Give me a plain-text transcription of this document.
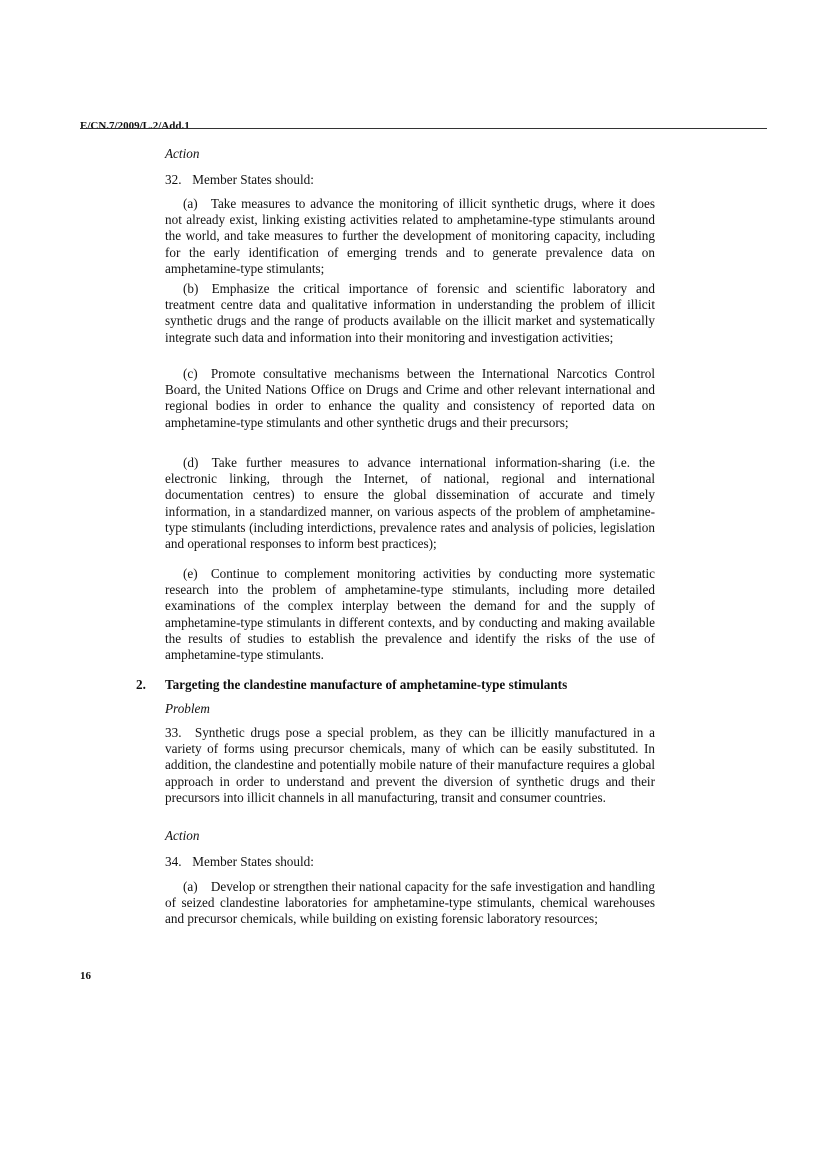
E/CN.7/2009/L.2/Add.1
Action
32. Member States should:
(a) Take measures to advance the monitoring of illicit synthetic drugs, where it does not already exist, linking existing activities related to amphetamine-type stimulants around the world, and take measures to further the development of monitoring capacity, including for the early identification of emerging trends and to generate prevalence data on amphetamine-type stimulants;
(b) Emphasize the critical importance of forensic and scientific laboratory and treatment centre data and qualitative information in understanding the problem of illicit synthetic drugs and the range of products available on the illicit market and systematically integrate such data and information into their monitoring and investigation activities;
(c) Promote consultative mechanisms between the International Narcotics Control Board, the United Nations Office on Drugs and Crime and other relevant international and regional bodies in order to enhance the quality and consistency of reported data on amphetamine-type stimulants and other synthetic drugs and their precursors;
(d) Take further measures to advance international information-sharing (i.e. the electronic linking, through the Internet, of national, regional and international documentation centres) to ensure the global dissemination of accurate and timely information, in a standardized manner, on various aspects of the problem of amphetamine-type stimulants (including interdictions, prevalence rates and analysis of policies, legislation and operational responses to inform best practices);
(e) Continue to complement monitoring activities by conducting more systematic research into the problem of amphetamine-type stimulants, including more detailed examinations of the complex interplay between the demand for and the supply of amphetamine-type stimulants in different contexts, and by conducting and making available the results of studies to establish the prevalence and identify the risks of the use of amphetamine-type stimulants.
2. Targeting the clandestine manufacture of amphetamine-type stimulants
Problem
33. Synthetic drugs pose a special problem, as they can be illicitly manufactured in a variety of forms using precursor chemicals, many of which can be easily substituted. In addition, the clandestine and potentially mobile nature of their manufacture requires a global approach in order to understand and prevent the diversion of synthetic drugs and their precursors into illicit channels in all manufacturing, transit and consumer countries.
Action
34. Member States should:
(a) Develop or strengthen their national capacity for the safe investigation and handling of seized clandestine laboratories for amphetamine-type stimulants, chemical warehouses and precursor chemicals, while building on existing forensic laboratory resources;
16
